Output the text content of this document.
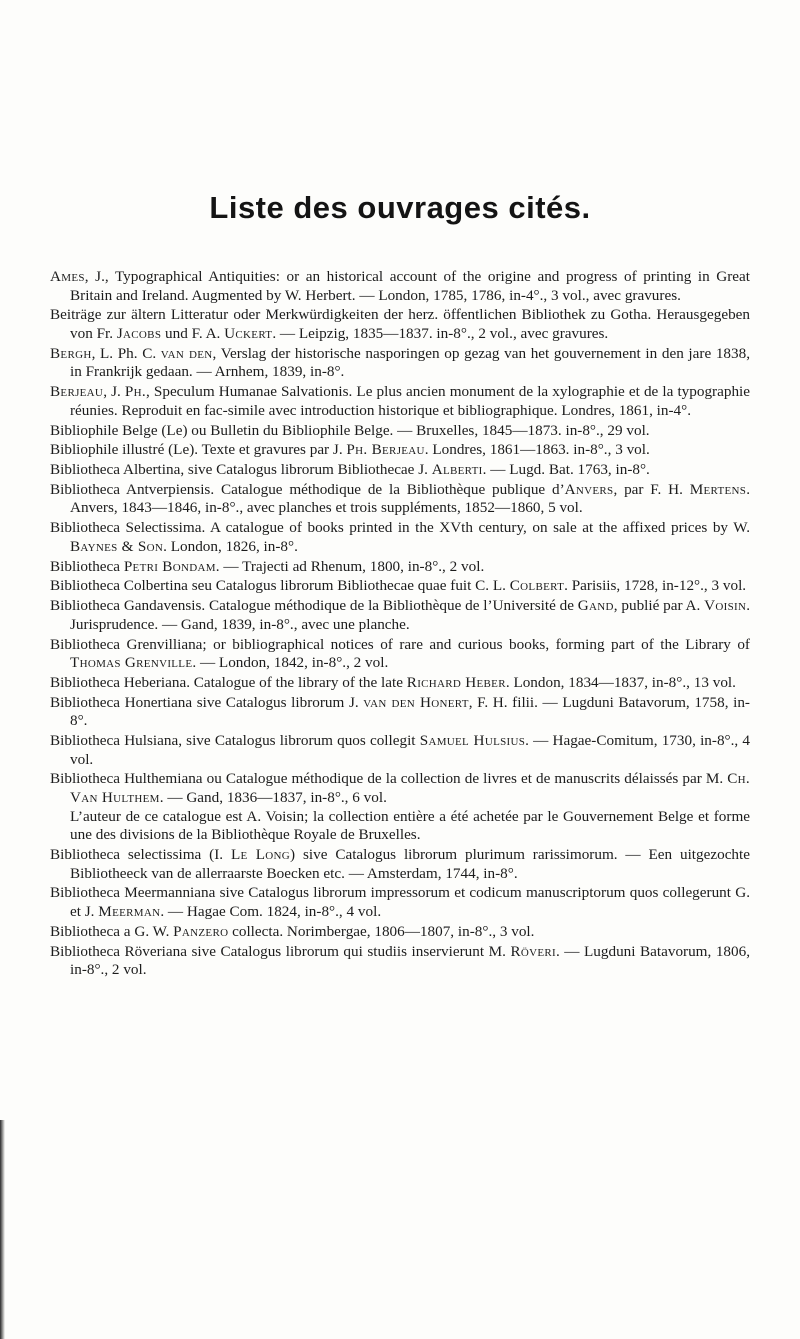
Liste des ouvrages cités.
Ames, J., Typographical Antiquities: or an historical account of the origine and progress of printing in Great Britain and Ireland. Augmented by W. Herbert. — London, 1785, 1786, in-4°., 3 vol., avec gravures.
Beiträge zur ältern Litteratur oder Merkwürdigkeiten der herz. öffentlichen Bibliothek zu Gotha. Herausgegeben von Fr. Jacobs und F. A. Uckert. — Leipzig, 1835—1837. in-8°., 2 vol., avec gravures.
Bergh, L. Ph. C. van den, Verslag der historische nasporingen op gezag van het gouvernement in den jare 1838, in Frankrijk gedaan. — Arnhem, 1839, in-8°.
Berjeau, J. Ph., Speculum Humanae Salvationis. Le plus ancien monument de la xylographie et de la typographie réunies. Reproduit en fac-simile avec introduction historique et bibliographique. Londres, 1861, in-4°.
Bibliophile Belge (Le) ou Bulletin du Bibliophile Belge. — Bruxelles, 1845—1873. in-8°., 29 vol.
Bibliophile illustré (Le). Texte et gravures par J. Ph. Berjeau. Londres, 1861—1863. in-8°., 3 vol.
Bibliotheca Albertina, sive Catalogus librorum Bibliothecae J. Alberti. — Lugd. Bat. 1763, in-8°.
Bibliotheca Antverpiensis. Catalogue méthodique de la Bibliothèque publique d’Anvers, par F. H. Mertens. Anvers, 1843—1846, in-8°., avec planches et trois suppléments, 1852—1860, 5 vol.
Bibliotheca Selectissima. A catalogue of books printed in the XVth century, on sale at the affixed prices by W. Baynes & Son. London, 1826, in-8°.
Bibliotheca Petri Bondam. — Trajecti ad Rhenum, 1800, in-8°., 2 vol.
Bibliotheca Colbertina seu Catalogus librorum Bibliothecae quae fuit C. L. Colbert. Parisiis, 1728, in-12°., 3 vol.
Bibliotheca Gandavensis. Catalogue méthodique de la Bibliothèque de l’Université de Gand, publié par A. Voisin. Jurisprudence. — Gand, 1839, in-8°., avec une planche.
Bibliotheca Grenvilliana; or bibliographical notices of rare and curious books, forming part of the Library of Thomas Grenville. — London, 1842, in-8°., 2 vol.
Bibliotheca Heberiana. Catalogue of the library of the late Richard Heber. London, 1834—1837, in-8°., 13 vol.
Bibliotheca Honertiana sive Catalogus librorum J. van den Honert, F. H. filii. — Lugduni Batavorum, 1758, in-8°.
Bibliotheca Hulsiana, sive Catalogus librorum quos collegit Samuel Hulsius. — Hagae-Comitum, 1730, in-8°., 4 vol.

Bibliotheca Hulthemiana ou Catalogue méthodique de la collection de livres et de manuscrits délaissés par M. Ch. Van Hulthem. — Gand, 1836—1837, in-8°., 6 vol.

L’auteur de ce catalogue est A. Voisin; la collection entière a été achetée par le Gouvernement Belge et forme une des divisions de la Bibliothèque Royale de Bruxelles.

Bibliotheca selectissima (I. Le Long) sive Catalogus librorum plurimum rarissimorum. — Een uitgezochte Bibliotheeck van de allerraarste Boecken etc. — Amsterdam, 1744, in-8°.
Bibliotheca Meermanniana sive Catalogus librorum impressorum et codicum manuscriptorum quos collegerunt G. et J. Meerman. — Hagae Com. 1824, in-8°., 4 vol.
Bibliotheca a G. W. Panzero collecta. Norimbergae, 1806—1807, in-8°., 3 vol.
Bibliotheca Röveriana sive Catalogus librorum qui studiis inservierunt M. Röveri. — Lugduni Batavorum, 1806, in-8°., 2 vol.
